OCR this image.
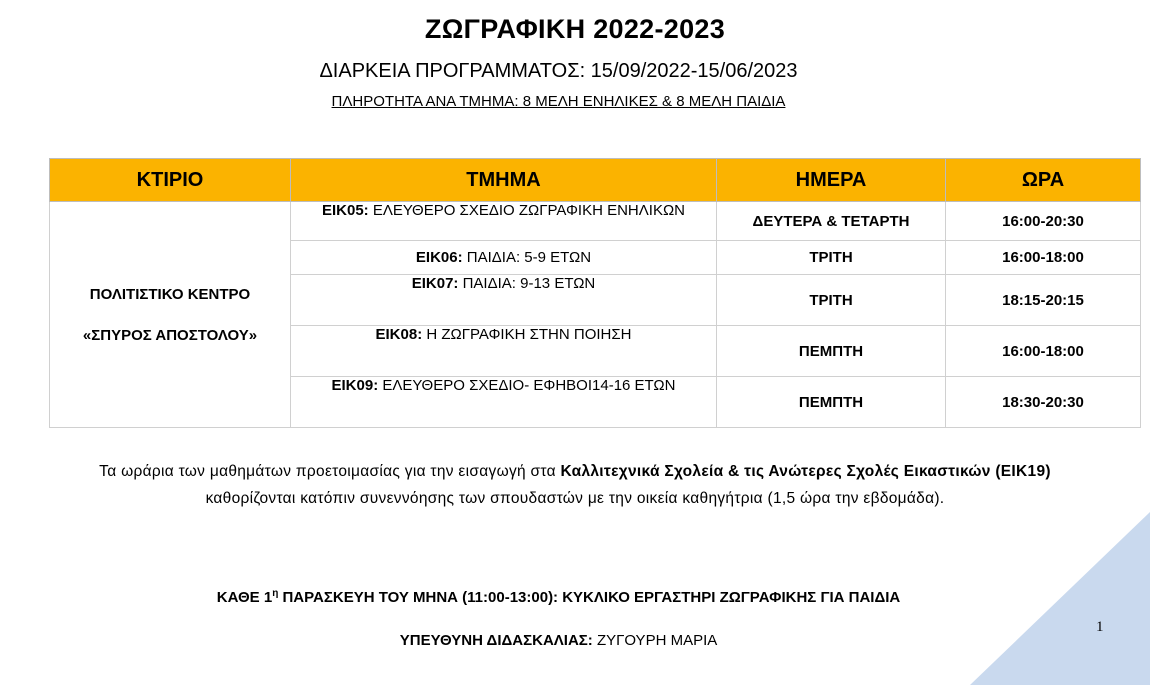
ΖΩΓΡΑΦΙΚΗ 2022-2023
ΔΙΑΡΚΕΙΑ ΠΡΟΓΡΑΜΜΑΤΟΣ: 15/09/2022-15/06/2023
ΠΛΗΡΟΤΗΤΑ ΑΝΑ ΤΜΗΜΑ: 8 ΜΕΛΗ ΕΝΗΛΙΚΕΣ & 8 ΜΕΛΗ ΠΑΙΔΙΑ
ΚΤΙΡΙΟ	ΤΜΗΜΑ	ΗΜΕΡΑ	ΩΡΑ

ΠΟΛΙΤΙΣΤΙΚΟ ΚΕΝΤΡΟ
«ΣΠΥΡΟΣ ΑΠΟΣΤΟΛΟΥ»	ΕΙΚ05: ΕΛΕΥΘΕΡΟ ΣΧΕΔΙΟ ΖΩΓΡΑΦΙΚΗ ΕΝΗΛΙΚΩΝ	ΔΕΥΤΕΡΑ & ΤΕΤΑΡΤΗ	16:00-20:30
	ΕΙΚ06: ΠΑΙΔΙΑ: 5-9 ΕΤΩΝ	ΤΡΙΤΗ	16:00-18:00
	ΕΙΚ07: ΠΑΙΔΙΑ: 9-13 ΕΤΩΝ	ΤΡΙΤΗ	18:15-20:15
	ΕΙΚ08: Η ΖΩΓΡΑΦΙΚΗ ΣΤΗΝ ΠΟΙΗΣΗ	ΠΕΜΠΤΗ	16:00-18:00
	ΕΙΚ09: ΕΛΕΥΘΕΡΟ ΣΧΕΔΙΟ- ΕΦΗΒΟΙ14-16 ΕΤΩΝ	ΠΕΜΠΤΗ	18:30-20:30
Τα ωράρια των μαθημάτων προετοιμασίας για την εισαγωγή στα Καλλιτεχνικά Σχολεία & τις Ανώτερες Σχολές Εικαστικών (ΕΙΚ19) καθορίζονται κατόπιν συνεννόησης των σπουδαστών με την οικεία καθηγήτρια (1,5 ώρα την εβδομάδα).
ΚΑΘΕ $1^\eta$ ΠΑΡΑΣΚΕΥΗ ΤΟΥ ΜΗΝΑ (11:00-13:00): ΚΥΚΛΙΚΟ ΕΡΓΑΣΤΗΡΙ ΖΩΓΡΑΦΙΚΗΣ ΓΙΑ ΠΑΙΔΙΑ
ΥΠΕΥΘΥΝΗ ΔΙΔΑΣΚΑΛΙΑΣ: ΖΥΓΟΥΡΗ ΜΑΡΙΑ
1
